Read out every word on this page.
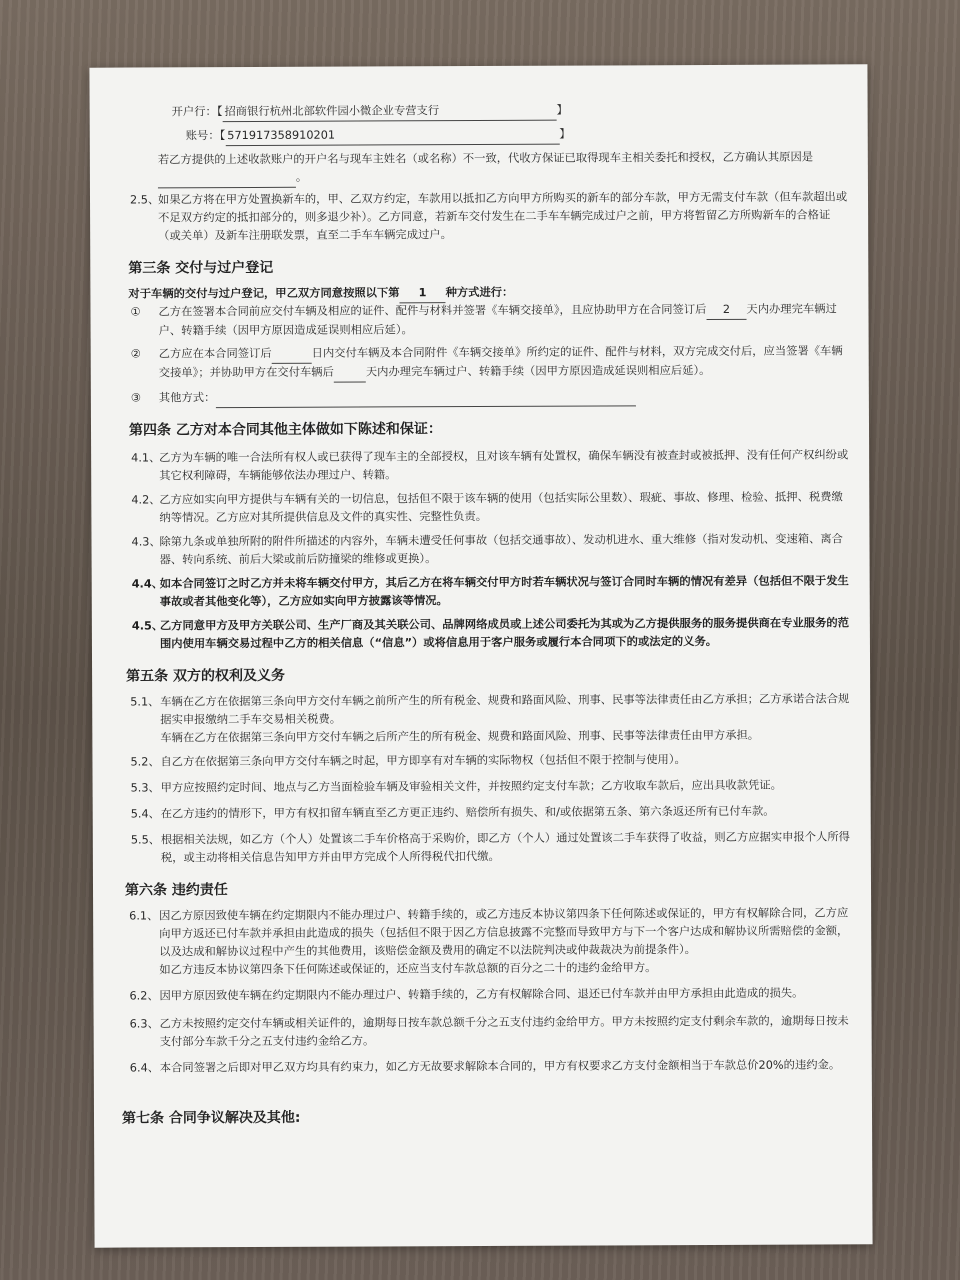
开户行：【 招商银行杭州北部软件园小微企业专营支行	】
账号：【 571917358910201	】
若乙方提供的上述收款账户的开户名与现车主姓名（或名称）不一致，代收方保证已取得现车主相关委托和授权，乙方确认其原因是 。
2.5、
如果乙方将在甲方处置换新车的，甲、乙双方约定，车款用以抵扣乙方向甲方所购买的新车的部分车款，甲方无需支付车款（但车款超出或不足双方约定的抵扣部分的，则多退少补）。乙方同意，若新车交付发生在二手车车辆完成过户之前，甲方将暂留乙方所购新车的合格证（或关单）及新车注册联发票，直至二手车车辆完成过户。
第三条 交付与过户登记
对于车辆的交付与过户登记，甲乙双方同意按照以下第 1 种方式进行：
① 乙方在签署本合同前应交付车辆及相应的证件、配件与材料并签署《车辆交接单》，且应协助甲方在合同签订后 2 天内办理完车辆过户、转籍手续（因甲方原因造成延误则相应后延）。
② 乙方应在本合同签订后	日内交付车辆及本合同附件《车辆交接单》所约定的证件、配件与材料，双方完成交付后，应当签署《车辆交接单》；并协助甲方在交付车辆后	天内办理完车辆过户、转籍手续（因甲方原因造成延误则相应后延）。
③ 其他方式：
第四条 乙方对本合同其他主体做如下陈述和保证：
4.1、
乙方为车辆的唯一合法所有权人或已获得了现车主的全部授权，且对该车辆有处置权，确保车辆没有被查封或被抵押、没有任何产权纠纷或其它权利障碍，车辆能够依法办理过户、转籍。
4.2、
乙方应如实向甲方提供与车辆有关的一切信息，包括但不限于该车辆的使用（包括实际公里数）、瑕疵、事故、修理、检验、抵押、税费缴纳等情况。乙方应对其所提供信息及文件的真实性、完整性负责。
4.3、
除第九条或单独所附的附件所描述的内容外，车辆未遭受任何事故（包括交通事故）、发动机进水、重大维修（指对发动机、变速箱、离合器、转向系统、前后大梁或前后防撞梁的维修或更换）。
4.4、
如本合同签订之时乙方并未将车辆交付甲方，其后乙方在将车辆交付甲方时若车辆状况与签订合同时车辆的情况有差异（包括但不限于发生事故或者其他变化等），乙方应如实向甲方披露该等情况。
4.5、
乙方同意甲方及甲方关联公司、生产厂商及其关联公司、品牌网络成员或上述公司委托为其或为乙方提供服务的服务提供商在专业服务的范围内使用车辆交易过程中乙方的相关信息（“信息”）或将信息用于客户服务或履行本合同项下的或法定的义务。
第五条 双方的权利及义务
5.1、 车辆在乙方在依据第三条向甲方交付车辆之前所产生的所有税金、规费和路面风险、刑事、民事等法律责任由乙方承担；乙方承诺合法合规据实申报缴纳二手车交易相关税费。
车辆在乙方在依据第三条向甲方交付车辆之后所产生的所有税金、规费和路面风险、刑事、民事等法律责任由甲方承担。
5.2、 自乙方在依据第三条向甲方交付车辆之时起，甲方即享有对车辆的实际物权（包括但不限于控制与使用）。
5.3、 甲方应按照约定时间、地点与乙方当面检验车辆及审验相关文件，并按照约定支付车款；乙方收取车款后，应出具收款凭证。
5.4、 在乙方违约的情形下，甲方有权扣留车辆直至乙方更正违约、赔偿所有损失、和/或依据第五条、第六条返还所有已付车款。
5.5、 根据相关法规，如乙方（个人）处置该二手车价格高于采购价，即乙方（个人）通过处置该二手车获得了收益，则乙方应据实申报个人所得税，或主动将相关信息告知甲方并由甲方完成个人所得税代扣代缴。
第六条 违约责任
6.1、 因乙方原因致使车辆在约定期限内不能办理过户、转籍手续的，或乙方违反本协议第四条下任何陈述或保证的，甲方有权解除合同，乙方应向甲方返还已付车款并承担由此造成的损失（包括但不限于因乙方信息披露不完整而导致甲方与下一个客户达成和解协议所需赔偿的金额，以及达成和解协议过程中产生的其他费用，该赔偿金额及费用的确定不以法院判决或仲裁裁决为前提条件）。
如乙方违反本协议第四条下任何陈述或保证的，还应当支付车款总额的百分之二十的违约金给甲方。
6.2、 因甲方原因致使车辆在约定期限内不能办理过户、转籍手续的，乙方有权解除合同、退还已付车款并由甲方承担由此造成的损失。
6.3、 乙方未按照约定交付车辆或相关证件的，逾期每日按车款总额千分之五支付违约金给甲方。甲方未按照约定支付剩余车款的，逾期每日按未支付部分车款千分之五支付违约金给乙方。
6.4、 本合同签署之后即对甲乙双方均具有约束力，如乙方无故要求解除本合同的，甲方有权要求乙方支付金额相当于车款总价20%的违约金。
第七条 合同争议解决及其他:
